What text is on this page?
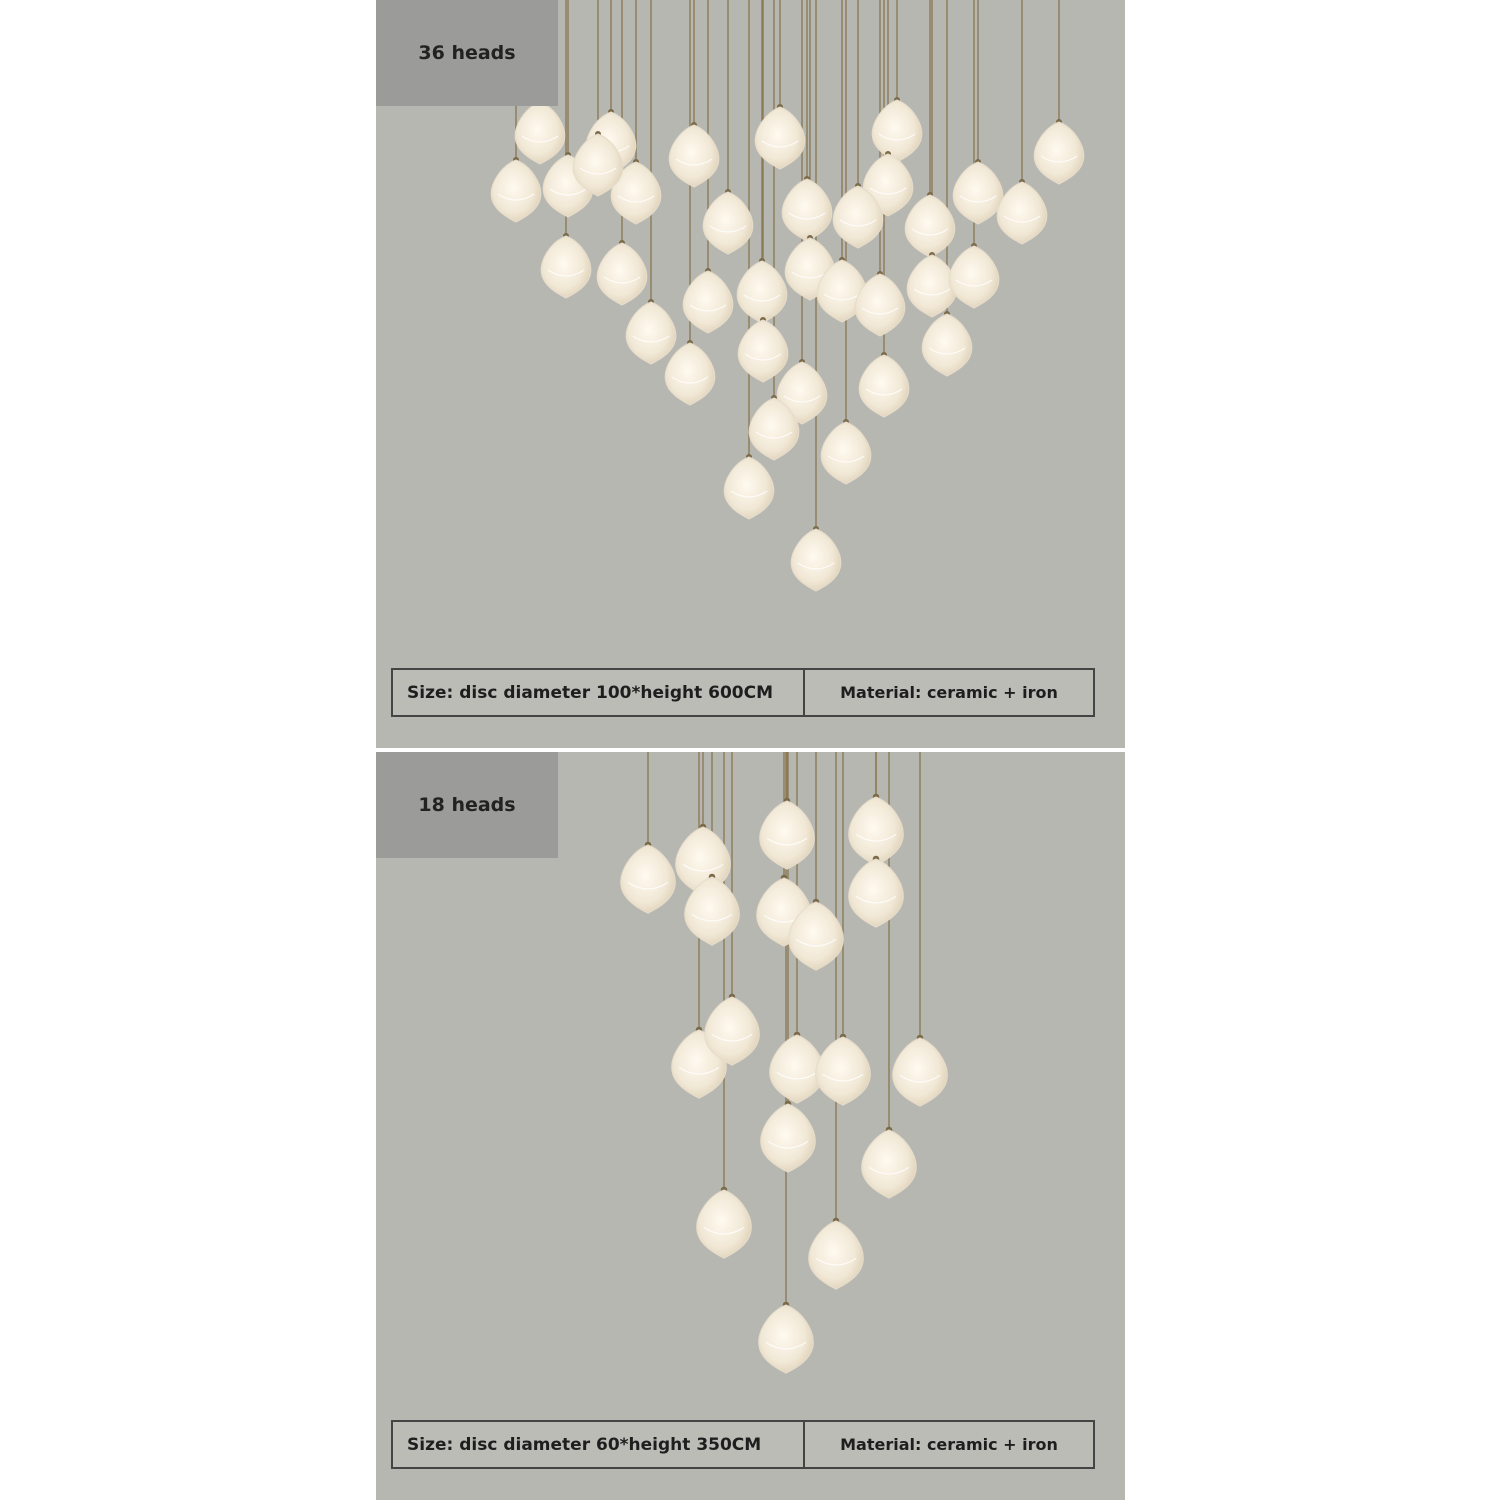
36 heads
Size: disc diameter 100*height 600CM	Material: ceramic + iron
18 heads
Size: disc diameter 60*height 350CM	Material: ceramic + iron
